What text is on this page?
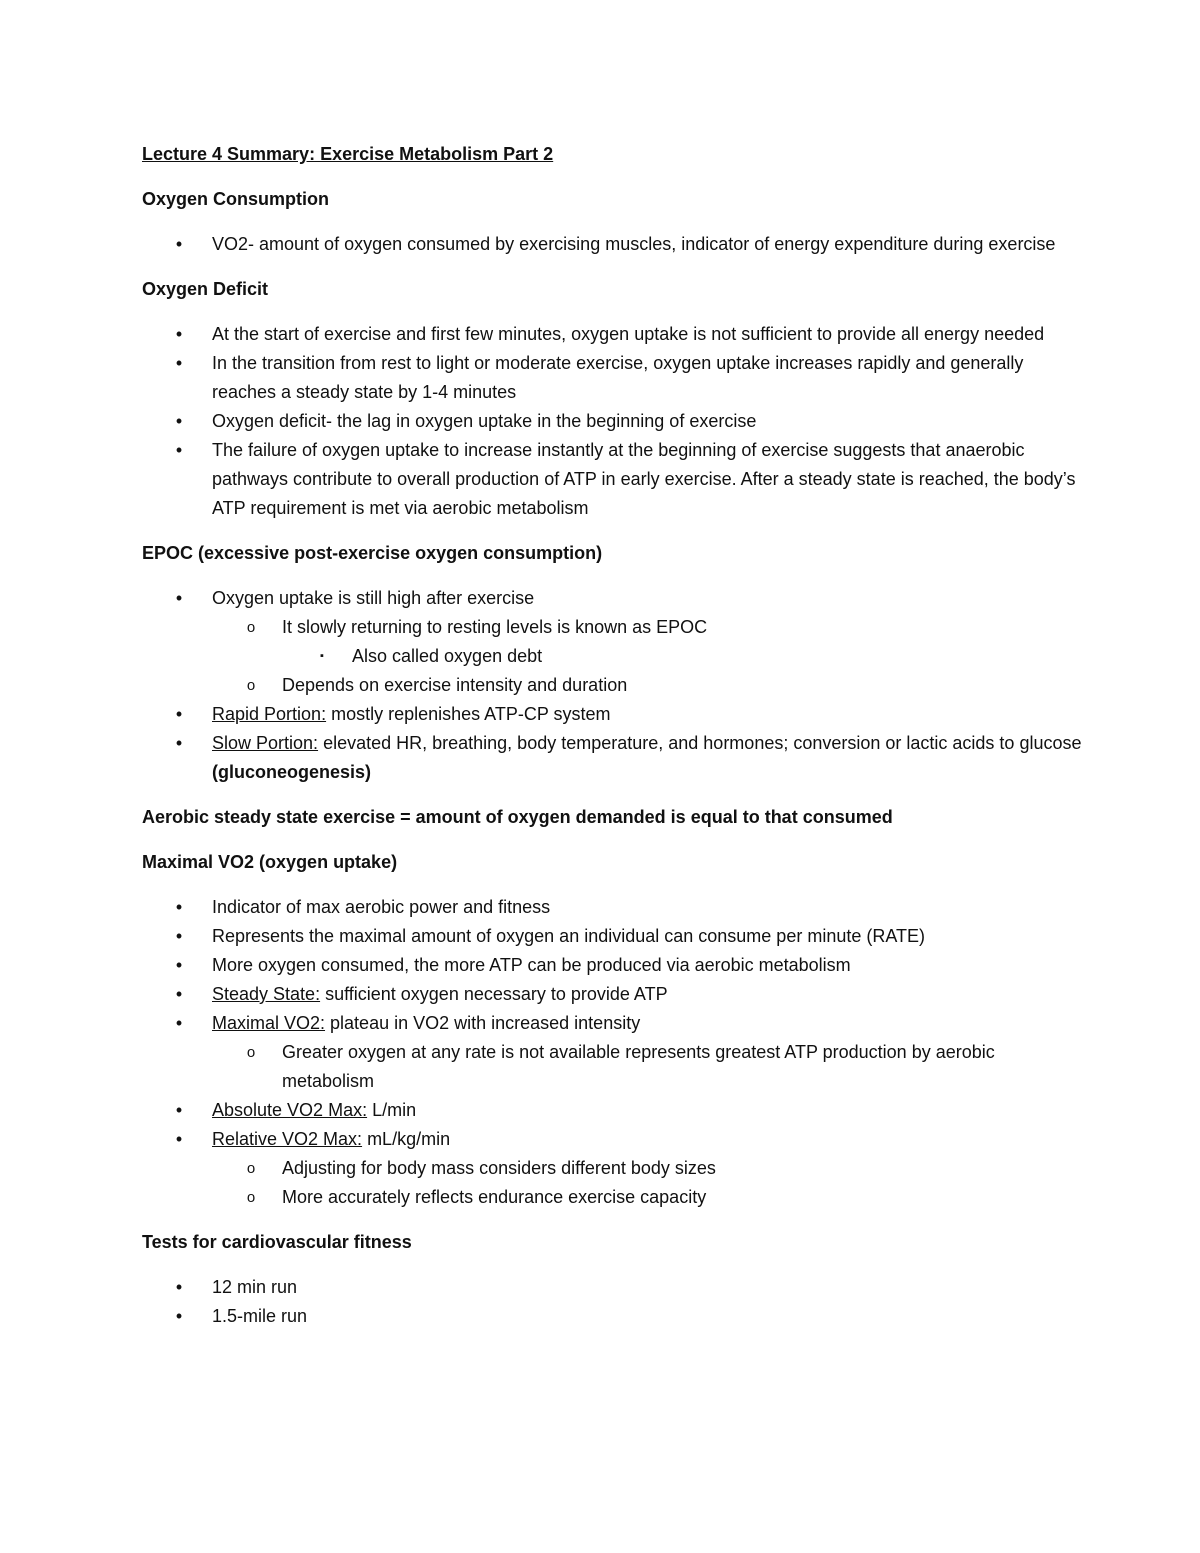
Lecture 4 Summary: Exercise Metabolism Part 2

Oxygen Consumption

•	VO2- amount of oxygen consumed by exercising muscles, indicator of energy expenditure during exercise

Oxygen Deficit

•	At the start of exercise and first few minutes, oxygen uptake is not sufficient to provide all energy needed
•	In the transition from rest to light or moderate exercise, oxygen uptake increases rapidly and generally reaches a steady state by 1-4 minutes
•	Oxygen deficit- the lag in oxygen uptake in the beginning of exercise
•	The failure of oxygen uptake to increase instantly at the beginning of exercise suggests that anaerobic pathways contribute to overall production of ATP in early exercise. After a steady state is reached, the body’s ATP requirement is met via aerobic metabolism

EPOC (excessive post-exercise oxygen consumption)

•	Oxygen uptake is still high after exercise
o	It slowly returning to resting levels is known as EPOC
▪	Also called oxygen debt
o	Depends on exercise intensity and duration
•	Rapid Portion: mostly replenishes ATP-CP system
•	Slow Portion: elevated HR, breathing, body temperature, and hormones; conversion or lactic acids to glucose (gluconeogenesis)

Aerobic steady state exercise = amount of oxygen demanded is equal to that consumed

Maximal VO2 (oxygen uptake)

•	Indicator of max aerobic power and fitness
•	Represents the maximal amount of oxygen an individual can consume per minute (RATE)
•	More oxygen consumed, the more ATP can be produced via aerobic metabolism
•	Steady State: sufficient oxygen necessary to provide ATP
•	Maximal VO2: plateau in VO2 with increased intensity
o	Greater oxygen at any rate is not available represents greatest ATP production by aerobic metabolism
•	Absolute VO2 Max: L/min
•	Relative VO2 Max: mL/kg/min
o	Adjusting for body mass considers different body sizes
o	More accurately reflects endurance exercise capacity

Tests for cardiovascular fitness

•	12 min run
•	1.5-mile run
